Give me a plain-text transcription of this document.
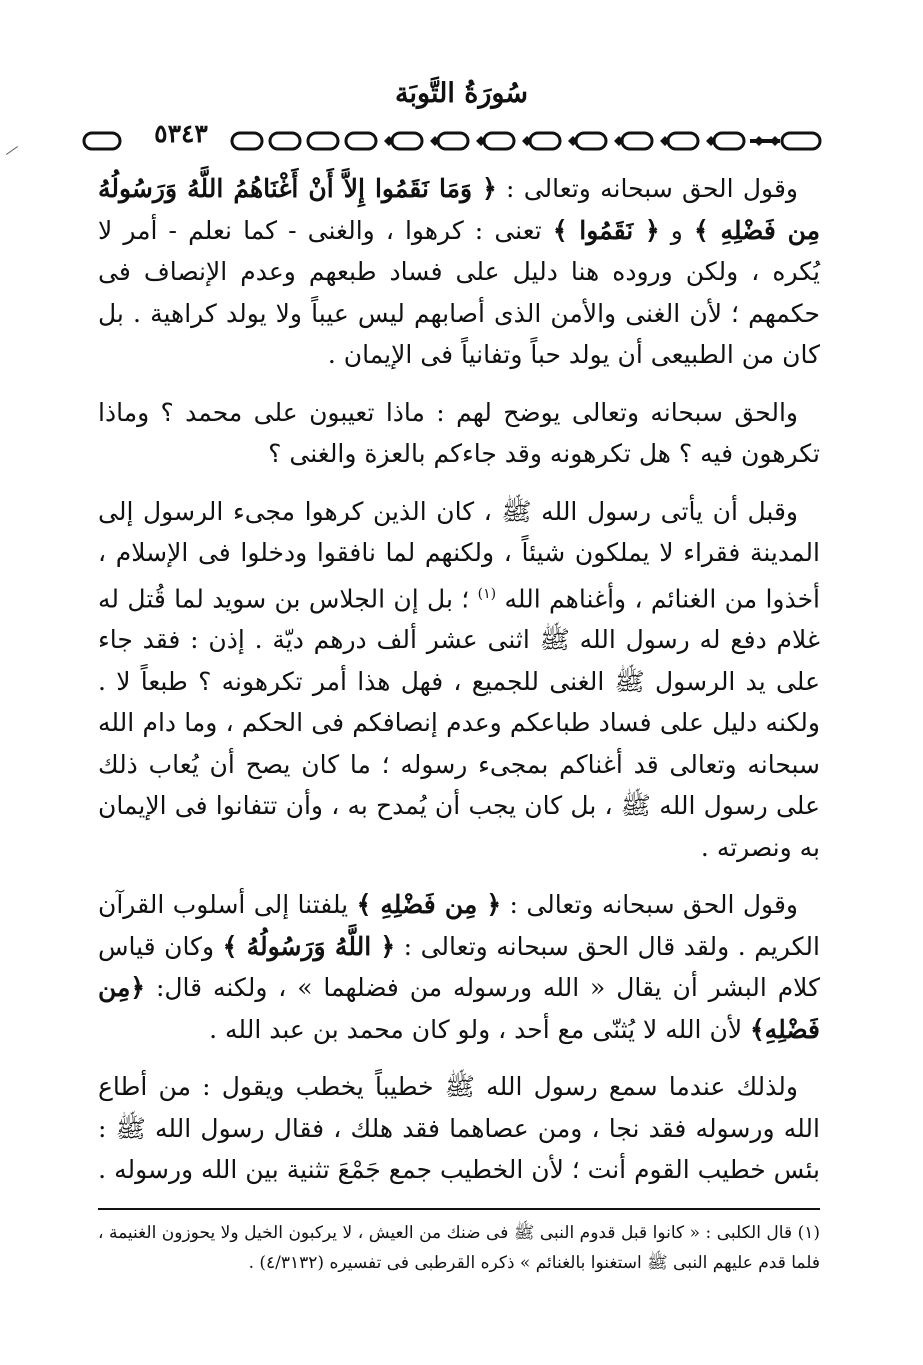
سُورَةُ التَّوبَة
٥٣٤٣

وقول الحق سبحانه وتعالى : ﴿ وَمَا نَقَمُوا إِلاَّ أَنْ أَغْنَاهُمُ اللَّهُ وَرَسُولُهُ مِن فَضْلِهِ ﴾ و ﴿ نَقَمُوا ﴾ تعنى : كرهوا ، والغنى - كما نعلم - أمر لا يُكره ، ولكن وروده هنا دليل على فساد طبعهم وعدم الإنصاف فى حكمهم ؛ لأن الغنى والأمن الذى أصابهم ليس عيباً ولا يولد كراهية . بل كان من الطبيعى أن يولد حباً وتفانياً فى الإيمان .

والحق سبحانه وتعالى يوضح لهم : ماذا تعيبون على محمد ؟ وماذا تكرهون فيه ؟ هل تكرهونه وقد جاءكم بالعزة والغنى ؟

وقبل أن يأتى رسول الله ﷺ ، كان الذين كرهوا مجىء الرسول إلى المدينة فقراء لا يملكون شيئاً ، ولكنهم لما نافقوا ودخلوا فى الإسلام ، أخذوا من الغنائم ، وأغناهم الله $^{(١)}$ ؛ بل إن الجلاس بن سويد لما قُتل له غلام دفع له رسول الله ﷺ اثنى عشر ألف درهم ديّة . إذن : فقد جاء على يد الرسول ﷺ الغنى للجميع ، فهل هذا أمر تكرهونه ؟ طبعاً لا . ولكنه دليل على فساد طباعكم وعدم إنصافكم فى الحكم ، وما دام الله سبحانه وتعالى قد أغناكم بمجىء رسوله ؛ ما كان يصح أن يُعاب ذلك على رسول الله ﷺ ، بل كان يجب أن يُمدح به ، وأن تتفانوا فى الإيمان به ونصرته .

وقول الحق سبحانه وتعالى : ﴿ مِن فَضْلِهِ ﴾ يلفتنا إلى أسلوب القرآن الكريم . ولقد قال الحق سبحانه وتعالى : ﴿ اللَّهُ وَرَسُولُهُ ﴾ وكان قياس كلام البشر أن يقال « الله ورسوله من فضلهما » ، ولكنه قال: ﴿مِن فَضْلِهِ﴾ لأن الله لا يُثنّى مع أحد ، ولو كان محمد بن عبد الله .

ولذلك عندما سمع رسول الله ﷺ خطيباً يخطب ويقول : من أطاع الله ورسوله فقد نجا ، ومن عصاهما فقد هلك ، فقال رسول الله ﷺ : بئس خطيب القوم أنت ؛ لأن الخطيب جمع جَمْعَ تثنية بين الله ورسوله .

(١) قال الكلبى : « كانوا قبل قدوم النبى ﷺ فى ضنك من العيش ، لا يركبون الخيل ولا يحوزون الغنيمة ، فلما قدم عليهم النبى ﷺ استغنوا بالغنائم » ذكره القرطبى فى تفسيره (٤/٣١٣٢) .
